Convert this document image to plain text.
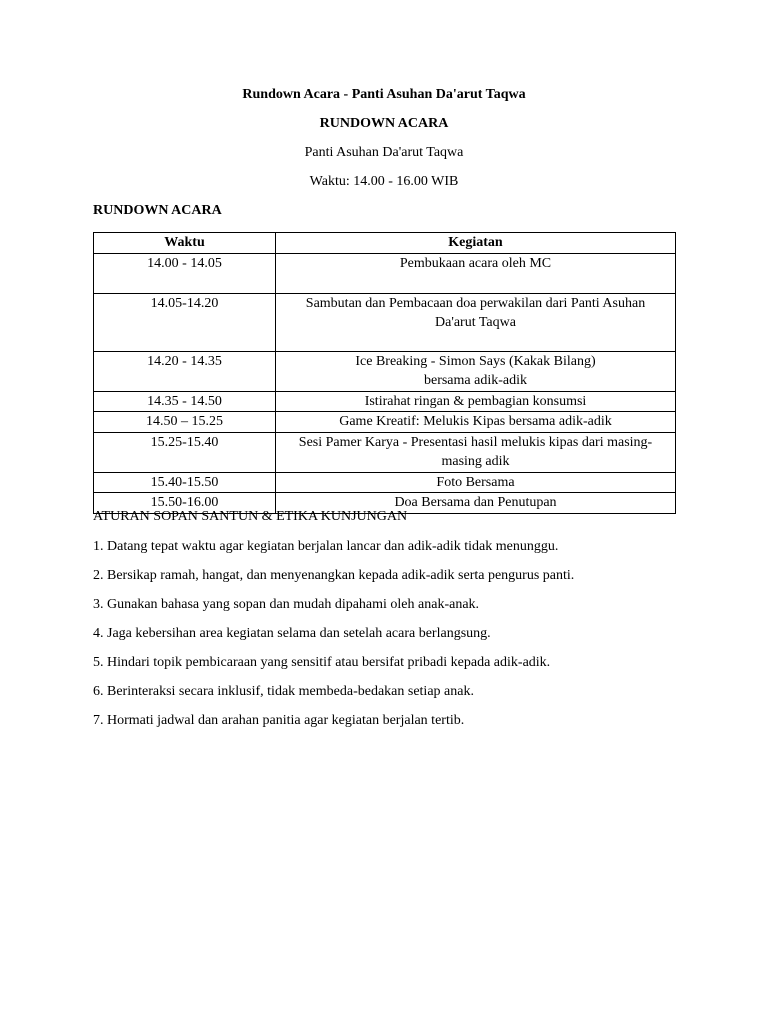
Rundown Acara - Panti Asuhan Da'arut Taqwa
RUNDOWN ACARA
Panti Asuhan Da'arut Taqwa
Waktu: 14.00 - 16.00 WIB
RUNDOWN ACARA
Waktu	Kegiatan
14.00 - 14.05	Pembukaan acara oleh MC
14.05-14.20	Sambutan dan Pembacaan doa perwakilan dari Panti Asuhan Da'arut Taqwa
14.20 - 14.35	Ice Breaking - Simon Says (Kakak Bilang)
bersama adik-adik
14.35 - 14.50	Istirahat ringan & pembagian konsumsi
14.50 – 15.25	Game Kreatif: Melukis Kipas bersama adik-adik
15.25-15.40	Sesi Pamer Karya - Presentasi hasil melukis kipas dari masing-masing adik
15.40-15.50	Foto Bersama
15.50-16.00	Doa Bersama dan Penutupan
ATURAN SOPAN SANTUN & ETIKA KUNJUNGAN
1. Datang tepat waktu agar kegiatan berjalan lancar dan adik-adik tidak menunggu.
2. Bersikap ramah, hangat, dan menyenangkan kepada adik-adik serta pengurus panti.
3. Gunakan bahasa yang sopan dan mudah dipahami oleh anak-anak.
4. Jaga kebersihan area kegiatan selama dan setelah acara berlangsung.
5. Hindari topik pembicaraan yang sensitif atau bersifat pribadi kepada adik-adik.
6. Berinteraksi secara inklusif, tidak membeda-bedakan setiap anak.
7. Hormati jadwal dan arahan panitia agar kegiatan berjalan tertib.
